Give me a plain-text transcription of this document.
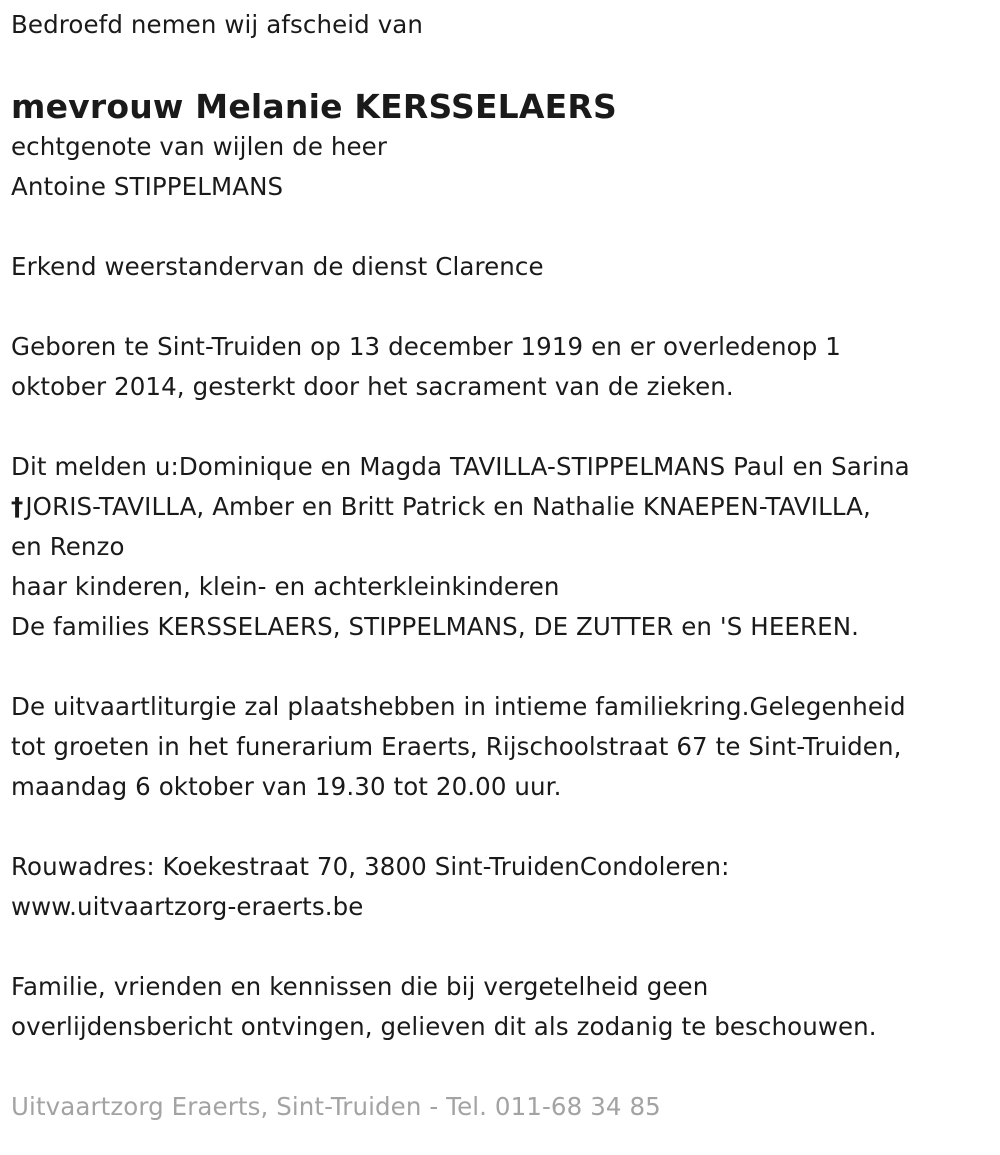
Bedroefd nemen wij afscheid van
mevrouw Melanie KERSSELAERS
echtgenote van wijlen de heer
Antoine STIPPELMANS
Erkend weerstandervan de dienst Clarence
Geboren te Sint-Truiden op 13 december 1919 en er overledenop 1
oktober 2014, gesterkt door het sacrament van de zieken.
Dit melden u:Dominique en Magda TAVILLA-STIPPELMANS Paul en Sarina
†JORIS-TAVILLA, Amber en Britt Patrick en Nathalie KNAEPEN-TAVILLA,
en Renzo
haar kinderen, klein- en achterkleinkinderen
De families KERSSELAERS, STIPPELMANS, DE ZUTTER en 'S HEEREN.
De uitvaartliturgie zal plaatshebben in intieme familiekring.Gelegenheid
tot groeten in het funerarium Eraerts, Rijschoolstraat 67 te Sint-Truiden,
maandag 6 oktober van 19.30 tot 20.00 uur.
Rouwadres: Koekestraat 70, 3800 Sint-TruidenCondoleren:
www.uitvaartzorg-eraerts.be
Familie, vrienden en kennissen die bij vergetelheid geen
overlijdensbericht ontvingen, gelieven dit als zodanig te beschouwen.
Uitvaartzorg Eraerts, Sint-Truiden - Tel. 011-68 34 85
